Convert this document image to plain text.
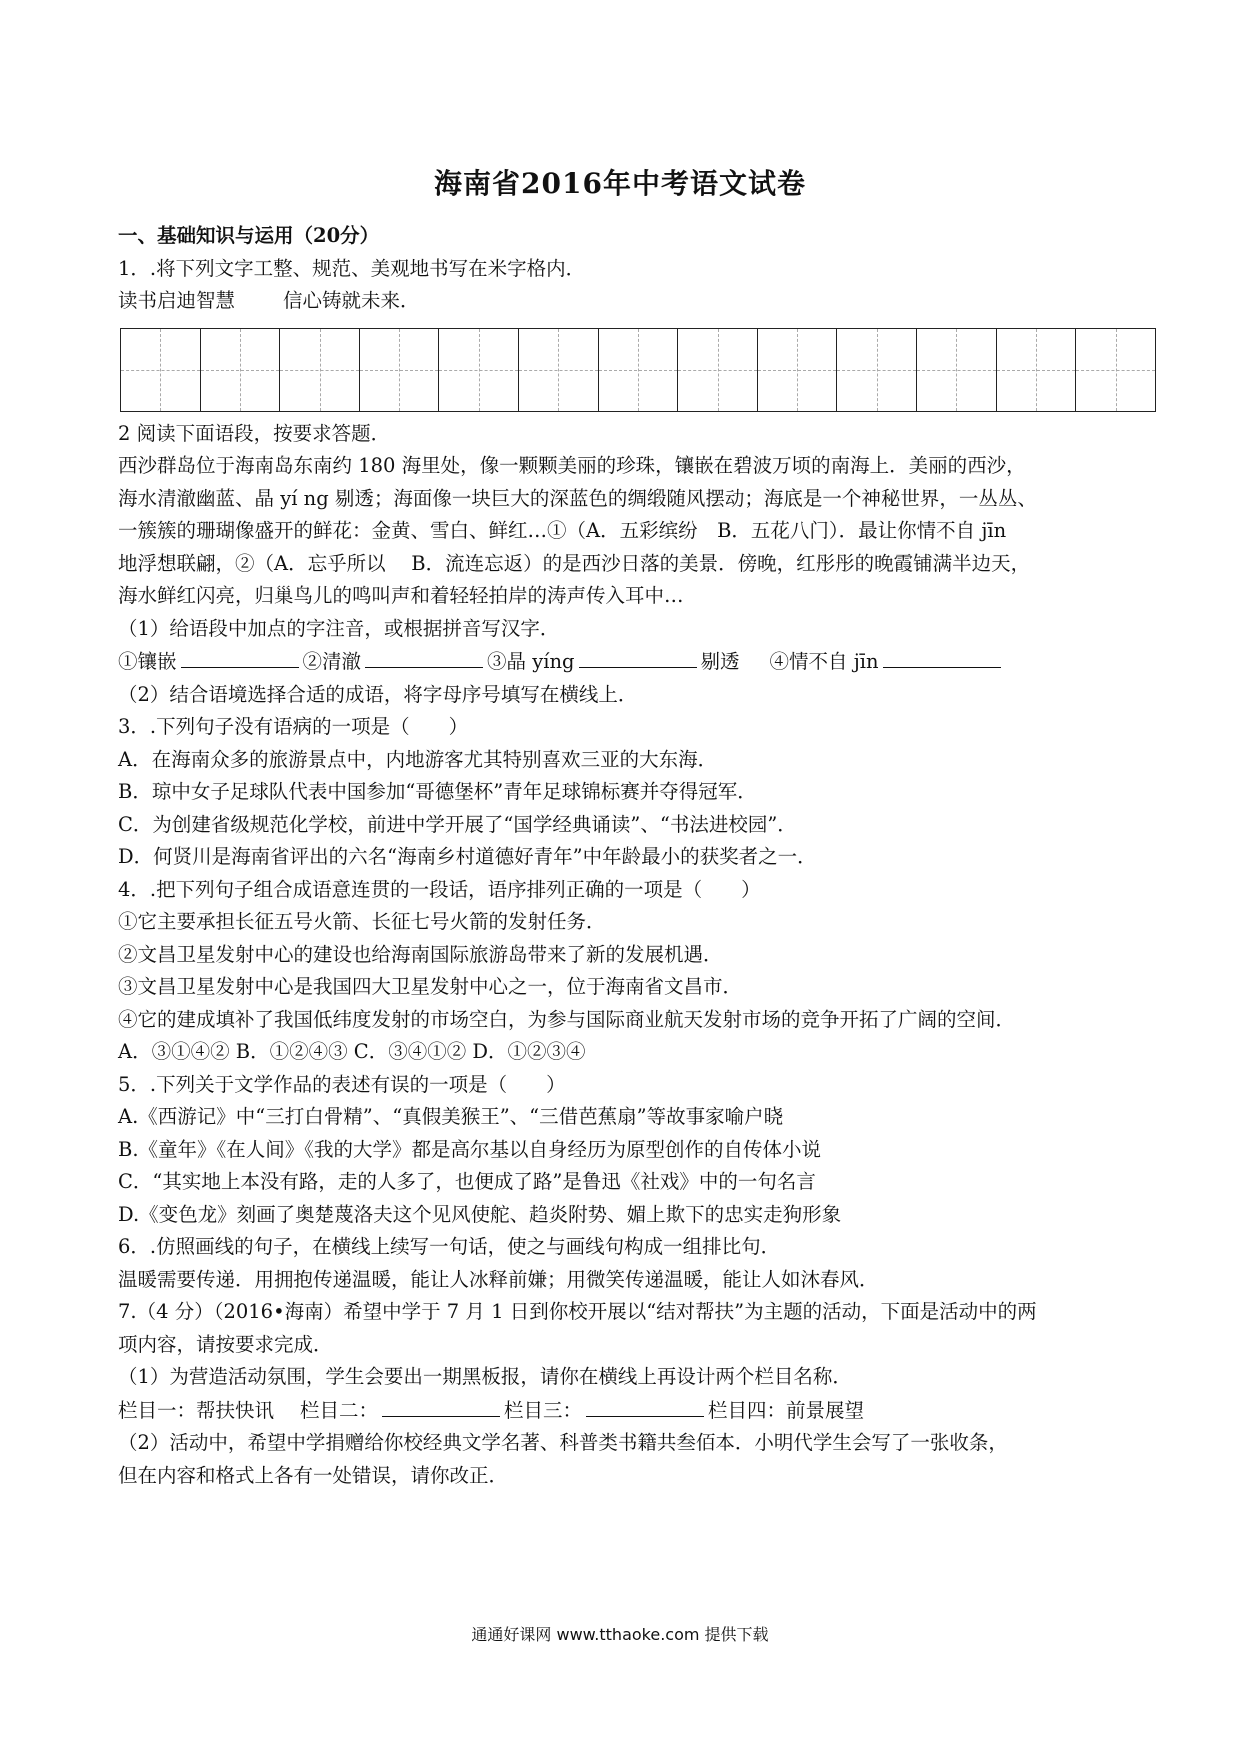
海南省2016年中考语文试卷
一、基础知识与运用（20分）
1．.将下列文字工整、规范、美观地书写在米字格内．
读书启迪智慧 信心铸就未来．
2 阅读下面语段，按要求答题．
西沙群岛位于海南岛东南约 180 海里处，像一颗颗美丽的珍珠，镶嵌在碧波万顷的南海上．美丽的西沙，
海水清澈幽蓝、晶 yí ng 剔透；海面像一块巨大的深蓝色的绸缎随风摆动；海底是一个神秘世界，一丛丛、
一簇簇的珊瑚像盛开的鲜花：金黄、雪白、鲜红…①（A．五彩缤纷　B．五花八门）．最让你情不自 jīn
地浮想联翩，②（A．忘乎所以　 B．流连忘返）的是西沙日落的美景．傍晚，红彤彤的晚霞铺满半边天，
海水鲜红闪亮，归巢鸟儿的鸣叫声和着轻轻拍岸的涛声传入耳中…
（1）给语段中加点的字注音，或根据拼音写汉字．
①镶嵌	②清澈	③晶 yíng	剔透 ④情不自 jīn
（2）结合语境选择合适的成语，将字母序号填写在横线上．
3．.下列句子没有语病的一项是（　　）
A．在海南众多的旅游景点中，内地游客尤其特别喜欢三亚的大东海．
B．琼中女子足球队代表中国参加“哥德堡杯”青年足球锦标赛并夺得冠军．
C．为创建省级规范化学校，前进中学开展了“国学经典诵读”、“书法进校园”．
D．何贤川是海南省评出的六名“海南乡村道德好青年”中年龄最小的获奖者之一．
4．.把下列句子组合成语意连贯的一段话，语序排列正确的一项是（　　）
①它主要承担长征五号火箭、长征七号火箭的发射任务．
②文昌卫星发射中心的建设也给海南国际旅游岛带来了新的发展机遇．
③文昌卫星发射中心是我国四大卫星发射中心之一，位于海南省文昌市．
④它的建成填补了我国低纬度发射的市场空白，为参与国际商业航天发射市场的竞争开拓了广阔的空间．
A．③①④② B．①②④③ C．③④①② D．①②③④
5．.下列关于文学作品的表述有误的一项是（　　）
A.《西游记》中“三打白骨精”、“真假美猴王”、“三借芭蕉扇”等故事家喻户晓
B.《童年》《在人间》《我的大学》都是高尔基以自身经历为原型创作的自传体小说
C．“其实地上本没有路，走的人多了，也便成了路”是鲁迅《社戏》中的一句名言
D.《变色龙》刻画了奥楚蔑洛夫这个见风使舵、趋炎附势、媚上欺下的忠实走狗形象
6．.仿照画线的句子，在横线上续写一句话，使之与画线句构成一组排比句．
温暖需要传递．用拥抱传递温暖，能让人冰释前嫌；用微笑传递温暖，能让人如沐春风．
7.（4 分）（2016•海南）希望中学于 7 月 1 日到你校开展以“结对帮扶”为主题的活动，下面是活动中的两
项内容，请按要求完成．
（1）为营造活动氛围，学生会要出一期黑板报，请你在横线上再设计两个栏目名称．
栏目一：帮扶快讯 栏目二：	栏目三：	栏目四：前景展望
（2）活动中，希望中学捐赠给你校经典文学名著、科普类书籍共叁佰本．小明代学生会写了一张收条，
但在内容和格式上各有一处错误，请你改正．
通通好课网 www.tthaoke.com 提供下载
